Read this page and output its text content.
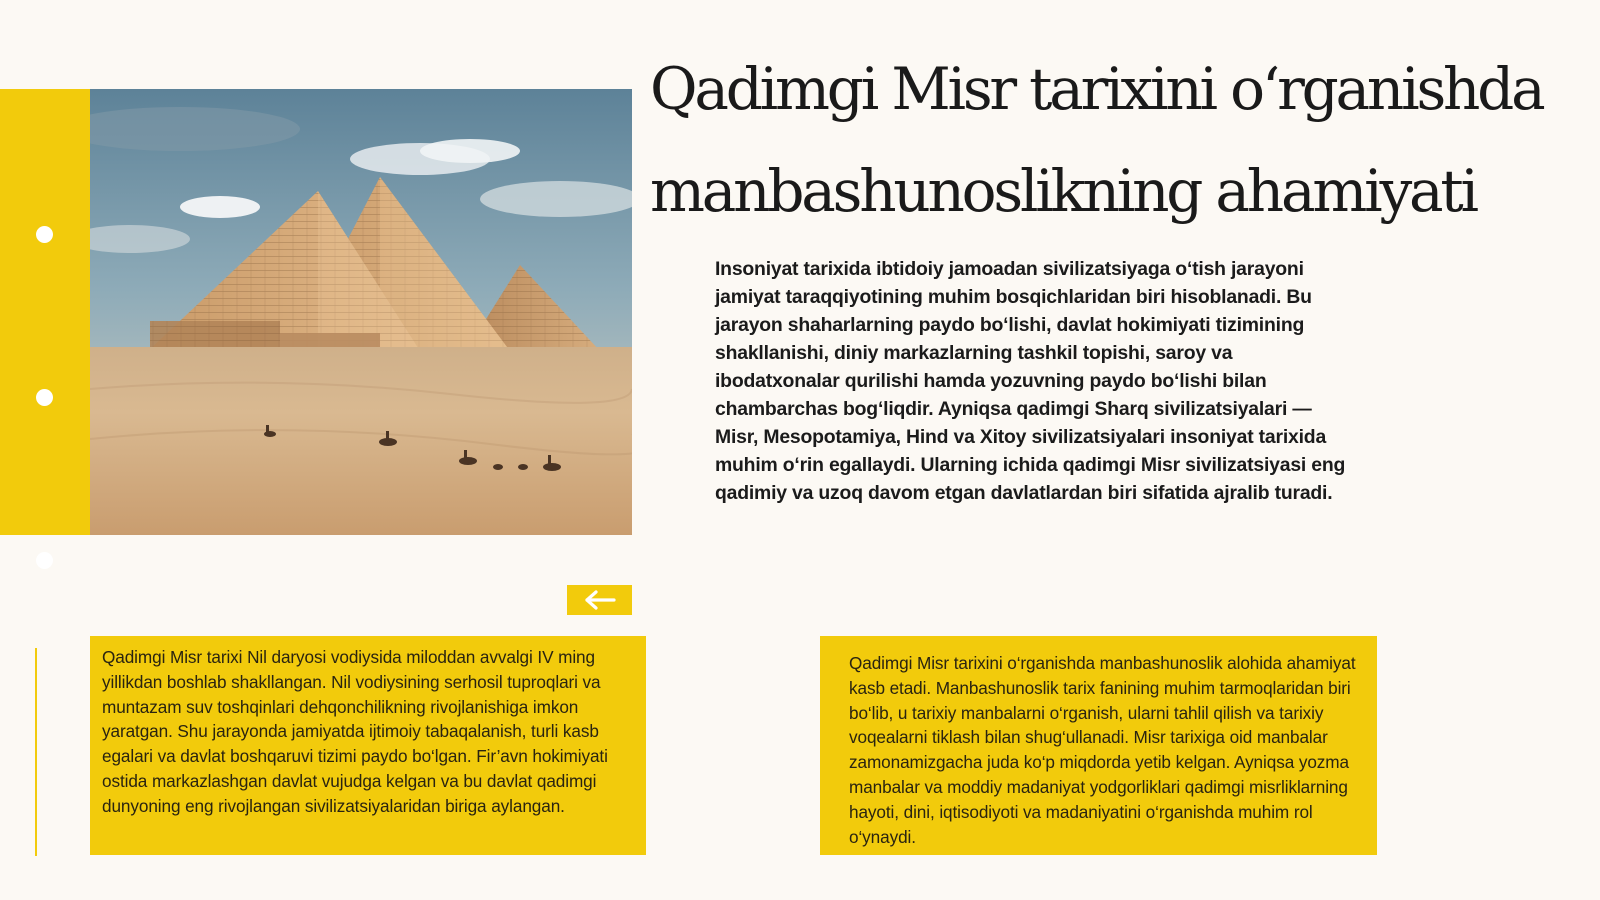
Qadimgi Misr tarixini o‘rganishda
manbashunoslikning ahamiyati

Insoniyat tarixida ibtidoiy jamoadan sivilizatsiyaga o‘tish jarayoni jamiyat taraqqiyotining muhim bosqichlaridan biri hisoblanadi. Bu jarayon shaharlarning paydo bo‘lishi, davlat hokimiyati tizimining shakllanishi, diniy markazlarning tashkil topishi, saroy va ibodatxonalar qurilishi hamda yozuvning paydo bo‘lishi bilan chambarchas bog‘liqdir. Ayniqsa qadimgi Sharq sivilizatsiyalari — Misr, Mesopotamiya, Hind va Xitoy sivilizatsiyalari insoniyat tarixida muhim o‘rin egallaydi. Ularning ichida qadimgi Misr sivilizatsiyasi eng qadimiy va uzoq davom etgan davlatlardan biri sifatida ajralib turadi.

Qadimgi Misr tarixi Nil daryosi vodiysida miloddan avvalgi IV ming yillikdan boshlab shakllangan. Nil vodiysining serhosil tuproqlari va muntazam suv toshqinlari dehqonchilikning rivojlanishiga imkon yaratgan. Shu jarayonda jamiyatda ijtimoiy tabaqalanish, turli kasb egalari va davlat boshqaruvi tizimi paydo bo‘lgan. Fir’avn hokimiyati ostida markazlashgan davlat vujudga kelgan va bu davlat qadimgi dunyoning eng rivojlangan sivilizatsiyalaridan biriga aylangan.

Qadimgi Misr tarixini o‘rganishda manbashunoslik alohida ahamiyat kasb etadi. Manbashunoslik tarix fanining muhim tarmoqlaridan biri bo‘lib, u tarixiy manbalarni o‘rganish, ularni tahlil qilish va tarixiy voqealarni tiklash bilan shug‘ullanadi. Misr tarixiga oid manbalar zamonamizgacha juda ko‘p miqdorda yetib kelgan. Ayniqsa yozma manbalar va moddiy madaniyat yodgorliklari qadimgi misrliklarning hayoti, dini, iqtisodiyoti va madaniyatini o‘rganishda muhim rol o‘ynaydi.
